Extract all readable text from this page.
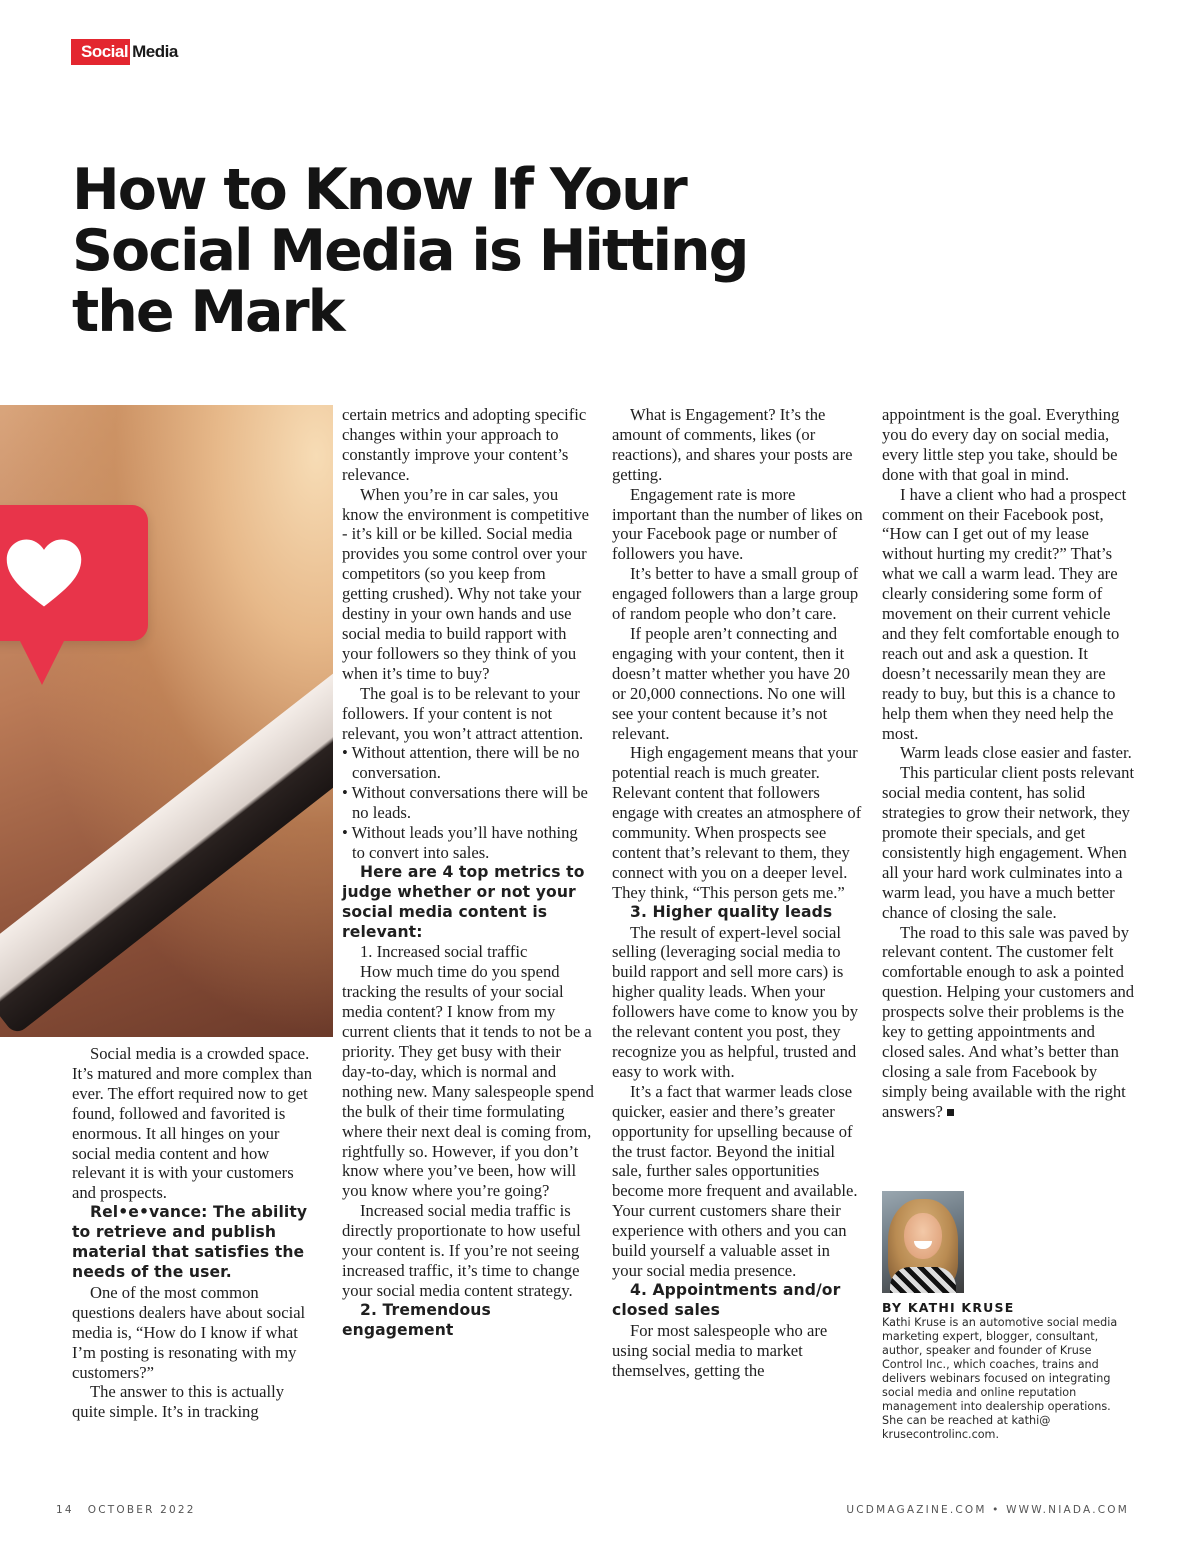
Social Media
How to Know If Your Social Media is Hitting the Mark

Social media is a crowded space. It’s matured and more complex than ever. The effort required now to get found, followed and favorited is enormous. It all hinges on your social media content and how relevant it is with your customers and prospects.

Rel•e•vance: The ability to retrieve and publish material that satisfies the needs of the user.

One of the most common questions dealers have about social media is, “How do I know if what I’m posting is resonating with my customers?”

The answer to this is actually quite simple. It’s in tracking

certain metrics and adopting specific changes within your approach to constantly improve your content’s relevance.

When you’re in car sales, you know the environment is competitive - it’s kill or be killed. Social media provides you some control over your competitors (so you keep from getting crushed). Why not take your destiny in your own hands and use social media to build rapport with your followers so they think of you when it’s time to buy?

The goal is to be relevant to your followers. If your content is not relevant, you won’t attract attention.

• Without attention, there will be no conversation.

• Without conversations there will be no leads.

• Without leads you’ll have nothing to convert into sales.

Here are 4 top metrics to judge whether or not your social media content is relevant:

1. Increased social traffic

How much time do you spend tracking the results of your social media content? I know from my current clients that it tends to not be a priority. They get busy with their day-to-day, which is normal and nothing new. Many salespeople spend the bulk of their time formulating where their next deal is coming from, rightfully so. However, if you don’t know where you’ve been, how will you know where you’re going?

Increased social media traffic is directly proportionate to how useful your content is. If you’re not seeing increased traffic, it’s time to change your social media content strategy.

2. Tremendous engagement

What is Engagement? It’s the amount of comments, likes (or reactions), and shares your posts are getting.

Engagement rate is more important than the number of likes on your Facebook page or number of followers you have.

It’s better to have a small group of engaged followers than a large group of random people who don’t care.

If people aren’t connecting and engaging with your content, then it doesn’t matter whether you have 20 or 20,000 connections. No one will see your content because it’s not relevant.

High engagement means that your potential reach is much greater. Relevant content that followers engage with creates an atmosphere of community. When prospects see content that’s relevant to them, they connect with you on a deeper level. They think, “This person gets me.”

3. Higher quality leads

The result of expert-level social selling (leveraging social media to build rapport and sell more cars) is higher quality leads. When your followers have come to know you by the relevant content you post, they recognize you as helpful, trusted and easy to work with.

It’s a fact that warmer leads close quicker, easier and there’s greater opportunity for upselling because of the trust factor. Beyond the initial sale, further sales opportunities become more frequent and available. Your current customers share their experience with others and you can build yourself a valuable asset in your social media presence.

4. Appointments and/or closed sales

For most salespeople who are using social media to market themselves, getting the

appointment is the goal. Everything you do every day on social media, every little step you take, should be done with that goal in mind.

I have a client who had a prospect comment on their Facebook post, “How can I get out of my lease without hurting my credit?” That’s what we call a warm lead. They are clearly considering some form of movement on their current vehicle and they felt comfortable enough to reach out and ask a question. It doesn’t necessarily mean they are ready to buy, but this is a chance to help them when they need help the most.

Warm leads close easier and faster.

This particular client posts relevant social media content, has solid strategies to grow their network, they promote their specials, and get consistently high engagement. When all your hard work culminates into a warm lead, you have a much better chance of closing the sale.

The road to this sale was paved by relevant content. The customer felt comfortable enough to ask a pointed question. Helping your customers and prospects solve their problems is the key to getting appointments and closed sales. And what’s better than closing a sale from Facebook by simply being available with the right answers?

BY KATHI KRUSE
Kathi Kruse is an automotive social media marketing expert, blogger, consultant, author, speaker and founder of Kruse Control Inc., which coaches, trains and delivers webinars focused on integrating social media and online reputation management into dealership operations. She can be reached at kathi@ krusecontrolinc.com.
14 OCTOBER 2022	UCDMAGAZINE.COM • WWW.NIADA.COM
